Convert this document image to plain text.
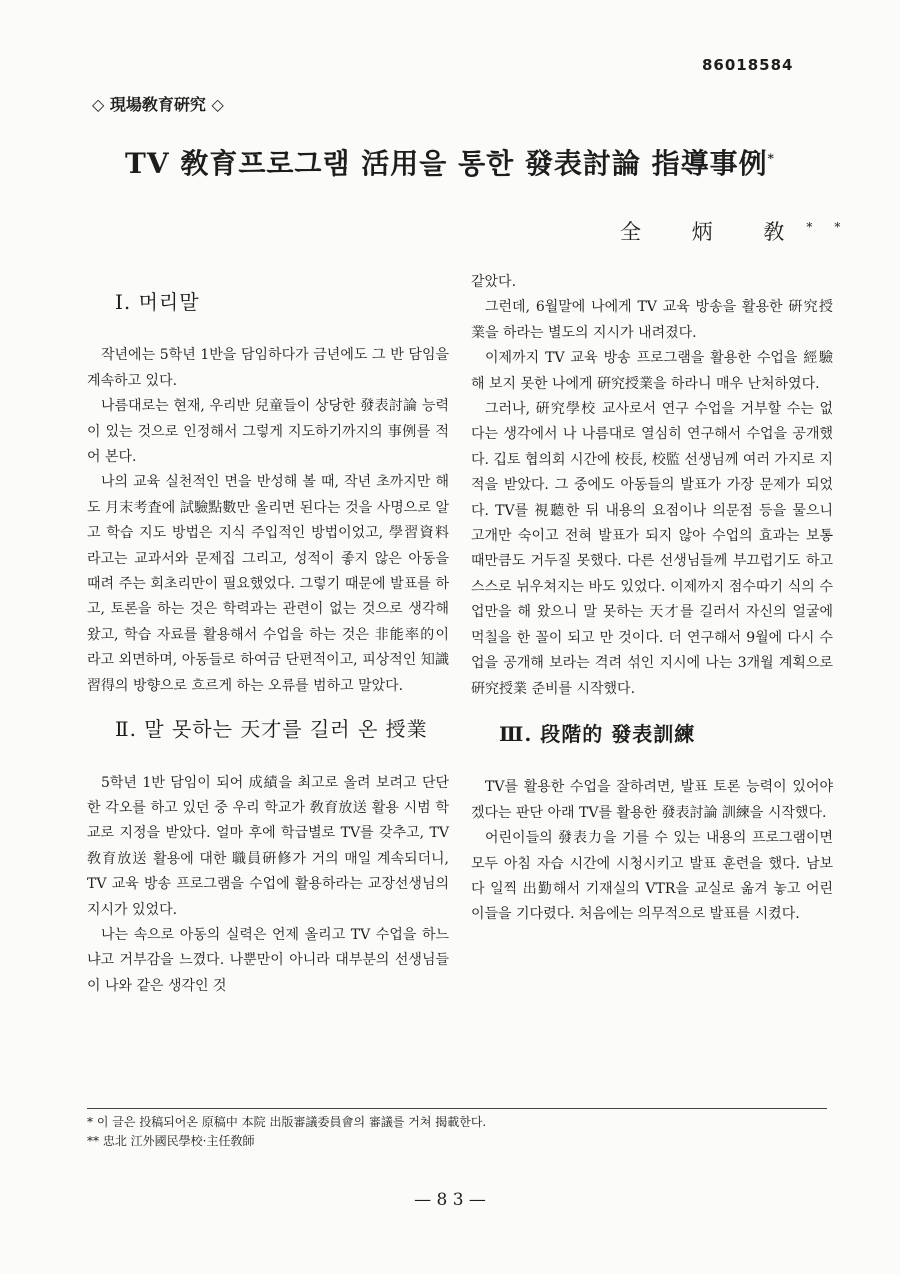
86018584
◇ 現場敎育硏究 ◇
TV 敎育프로그램 活用을 통한 發表討論 指導事例*
全 炳 敎**
Ⅰ. 머리말

작년에는 5학년 1반을 담임하다가 금년에도 그 반 담임을 계속하고 있다.

나름대로는 현재, 우리반 兒童들이 상당한 發表討論 능력이 있는 것으로 인정해서 그렇게 지도하기까지의 事例를 적어 본다.

나의 교육 실천적인 면을 반성해 볼 때, 작년 초까지만 해도 月末考査에 試驗點數만 올리면 된다는 것을 사명으로 알고 학습 지도 방법은 지식 주입적인 방법이었고, 學習資料라고는 교과서와 문제집 그리고, 성적이 좋지 않은 아동을 때려 주는 회초리만이 필요했었다. 그렇기 때문에 발표를 하고, 토론을 하는 것은 학력과는 관련이 없는 것으로 생각해 왔고, 학습 자료를 활용해서 수업을 하는 것은 非能率的이라고 외면하며, 아동들로 하여금 단편적이고, 피상적인 知識習得의 방향으로 흐르게 하는 오류를 범하고 말았다.

Ⅱ. 말 못하는 天才를 길러 온 授業

5학년 1반 담임이 되어 成績을 최고로 올려 보려고 단단한 각오를 하고 있던 중 우리 학교가 敎育放送 활용 시범 학교로 지정을 받았다. 얼마 후에 학급별로 TV를 갖추고, TV 敎育放送 활용에 대한 職員硏修가 거의 매일 계속되더니, TV 교육 방송 프로그램을 수업에 활용하라는 교장선생님의 지시가 있었다.

나는 속으로 아동의 실력은 언제 올리고 TV 수업을 하느냐고 거부감을 느꼈다. 나뿐만이 아니라 대부분의 선생님들이 나와 같은 생각인 것

같았다.

그런데, 6월말에 나에게 TV 교육 방송을 활용한 硏究授業을 하라는 별도의 지시가 내려졌다.

이제까지 TV 교육 방송 프로그램을 활용한 수업을 經驗해 보지 못한 나에게 硏究授業을 하라니 매우 난처하였다.

그러나, 硏究學校 교사로서 연구 수업을 거부할 수는 없다는 생각에서 나 나름대로 열심히 연구해서 수업을 공개했다. 깁토 협의회 시간에 校長, 校監 선생님께 여러 가지로 지적을 받았다. 그 중에도 아동들의 발표가 가장 문제가 되었다. TV를 視聽한 뒤 내용의 요점이나 의문점 등을 물으니 고개만 숙이고 전혀 발표가 되지 않아 수업의 효과는 보통 때만큼도 거두질 못했다. 다른 선생님들께 부끄럽기도 하고 스스로 뉘우쳐지는 바도 있었다. 이제까지 점수따기 식의 수업만을 해 왔으니 말 못하는 天才를 길러서 자신의 얼굴에 먹칠을 한 꼴이 되고 만 것이다. 더 연구해서 9월에 다시 수업을 공개해 보라는 격려 섞인 지시에 나는 3개월 계획으로 硏究授業 준비를 시작했다.

Ⅲ. 段階的 發表訓練

TV를 활용한 수업을 잘하려면, 발표 토론 능력이 있어야겠다는 판단 아래 TV를 활용한 發表討論 訓練을 시작했다.

어린이들의 發表力을 기를 수 있는 내용의 프로그램이면 모두 아침 자습 시간에 시청시키고 발표 훈련을 했다. 남보다 일찍 出勤해서 기재실의 VTR을 교실로 옮겨 놓고 어린이들을 기다렸다. 처음에는 의무적으로 발표를 시켰다.

* 이 글은 投稿되어온 原稿中 本院 出版審議委員會의 審議를 거쳐 揭載한다.
** 忠北 江外國民學校·主任敎師
— 8 3 —
